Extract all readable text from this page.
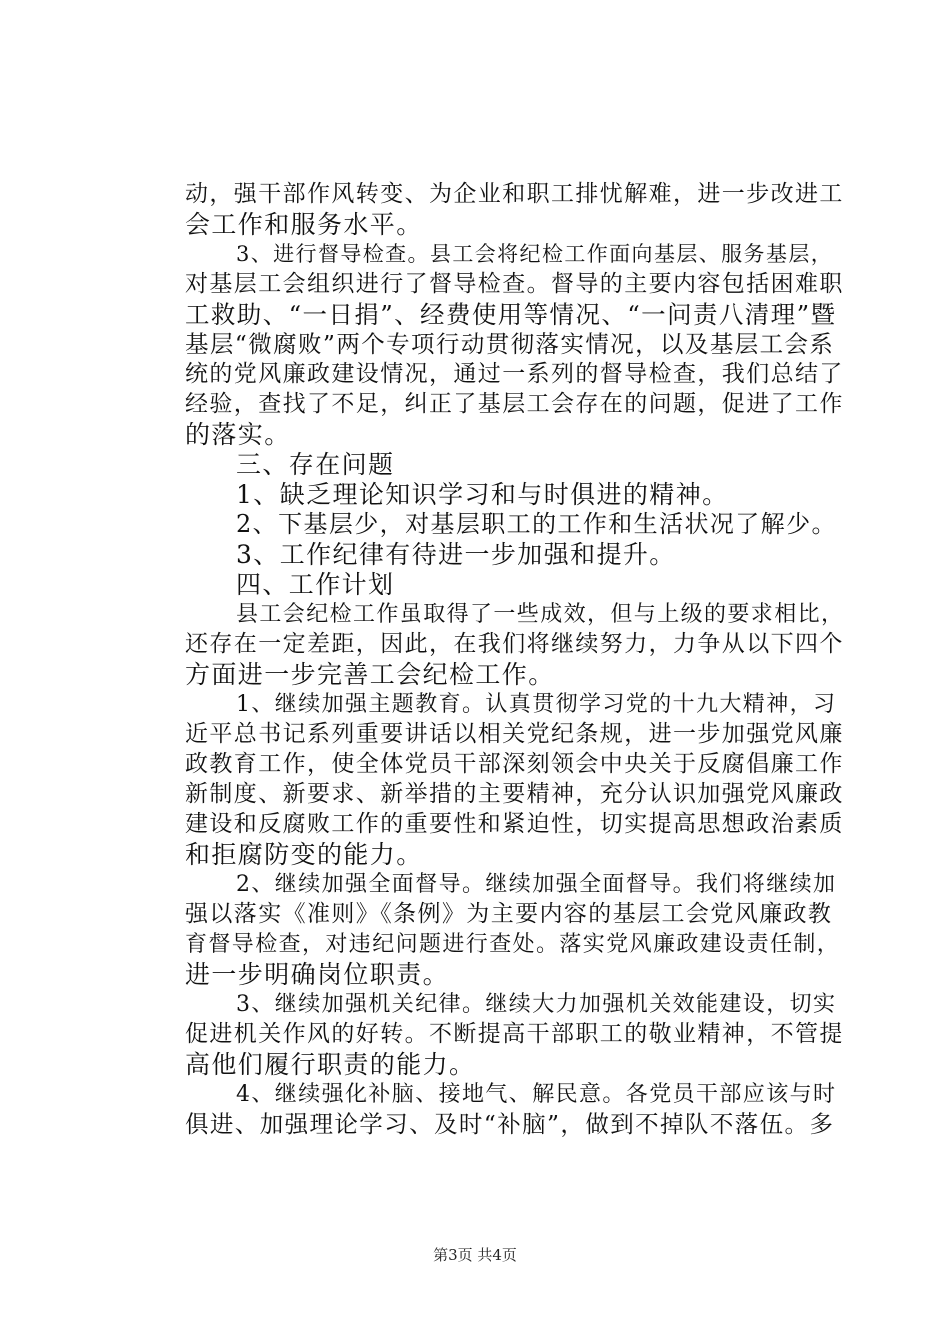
动，强干部作风转变、为企业和职工排忧解难，进一步改进工
会工作和服务水平。
3、进行督导检查。县工会将纪检工作面向基层、服务基层，
对基层工会组织进行了督导检查。督导的主要内容包括困难职
工救助、“一日捐”、经费使用等情况、“一问责八清理”暨
基层“微腐败”两个专项行动贯彻落实情况，以及基层工会系
统的党风廉政建设情况，通过一系列的督导检查，我们总结了
经验，查找了不足，纠正了基层工会存在的问题，促进了工作
的落实。
三、存在问题
1、缺乏理论知识学习和与时俱进的精神。
2、下基层少，对基层职工的工作和生活状况了解少。
3、工作纪律有待进一步加强和提升。
四、工作计划
县工会纪检工作虽取得了一些成效，但与上级的要求相比，
还存在一定差距，因此，在我们将继续努力，力争从以下四个
方面进一步完善工会纪检工作。
1、继续加强主题教育。认真贯彻学习党的十九大精神，习
近平总书记系列重要讲话以相关党纪条规，进一步加强党风廉
政教育工作，使全体党员干部深刻领会中央关于反腐倡廉工作
新制度、新要求、新举措的主要精神，充分认识加强党风廉政
建设和反腐败工作的重要性和紧迫性，切实提高思想政治素质
和拒腐防变的能力。
2、继续加强全面督导。继续加强全面督导。我们将继续加
强以落实《准则》《条例》为主要内容的基层工会党风廉政教
育督导检查，对违纪问题进行查处。落实党风廉政建设责任制，
进一步明确岗位职责。
3、继续加强机关纪律。继续大力加强机关效能建设，切实
促进机关作风的好转。不断提高干部职工的敬业精神，不管提
高他们履行职责的能力。
4、继续强化补脑、接地气、解民意。各党员干部应该与时
俱进、加强理论学习、及时“补脑”，做到不掉队不落伍。多
第3页 共4页
